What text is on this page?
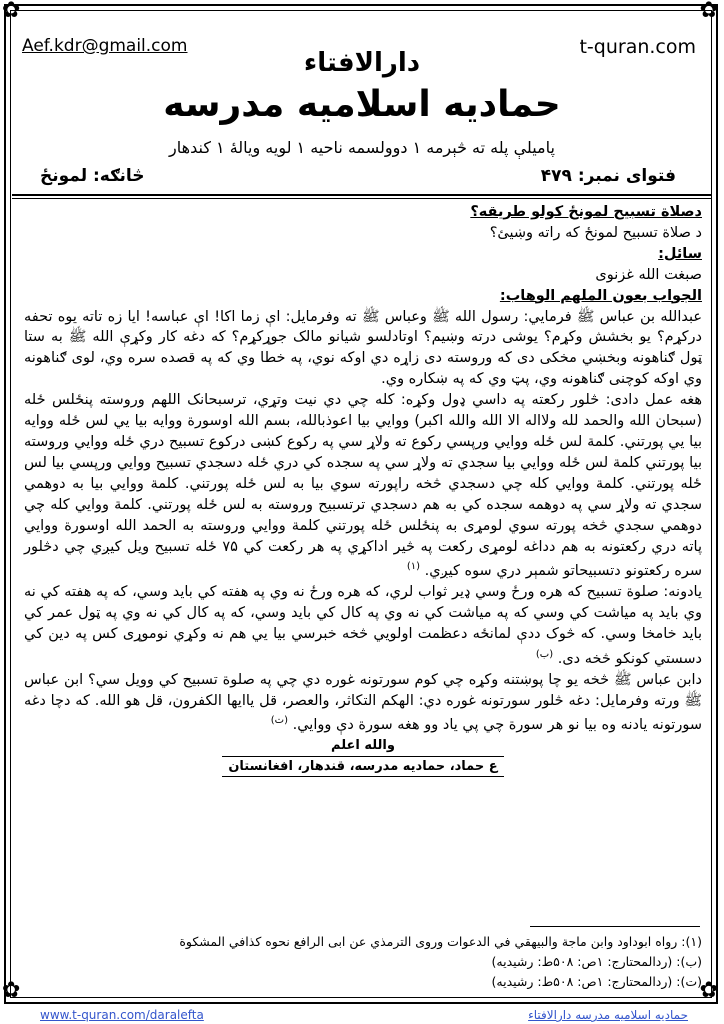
✿	✿
✿	✿
Aef.kdr@gmail.com	t-quran.com
دارالافتاء
حمادیه اسلامیه مدرسه
پاميلې پله ته څېرمه ۱ دوولسمه ناحيه ۱ لويه ويالهٔ ۱ کندهار
فتوای نمبر: ۴۷۹
څانګه: لمونځ

دصلاة تسبيح لمونځ کولو طريقه؟

د صلاة تسبيح لمونځ که راته وښيئ؟

سائل:

صبغت الله غزنوی

الجواب بعون الملهم الوهاب:

عبدالله بن عباس ﷺ فرمايي: رسول الله ﷺ وعباس ﷺ ته وفرمايل: اې زما اکا! اې عباسه! ايا زه تاته يوه تحفه درکړم؟ يو بخشش وکړم؟ يوشی درته وښيم؟ اوتادلسو شيانو مالک جوړکړم؟ که دغه کار وکړې الله ﷺ به ستا ټول ګناهونه وبخښي مخکی دی که وروسته دی زاړه دي اوکه نوي، په خطا وي که په قصده سره وي، لوی ګناهونه وي اوکه کوچنی ګناهونه وي، پټ وي که په ښکاره وي.

هغه عمل دادی: څلور رکعته په داسي ډول وکړه: کله چي دي نيت وتړي، ترسبحانک اللهم وروسته پنځلس ځله (سبحان الله والحمد لله ولااله الا الله والله اکبر) ووايي بيا اعوذبالله، بسم الله اوسورة ووايه بيا يي لس ځله ووايه بيا يي پورتني. کلمة لس ځله ووايي ورپسي رکوع ته ولاړ سي په رکوع کښی درکوع تسبيح دري ځله ووايي وروسته بيا پورتني کلمة لس ځله ووايي بيا سجدي ته ولاړ سي په سجده کي دري ځله دسجدي تسبيح ووايي ورپسي بيا لس ځله پورتني. کلمة ووايي کله چي دسجدي څخه راپورته سوي بيا به لس ځله پورتني. کلمة ووايي بيا به دوهمي سجدي ته ولاړ سي په دوهمه سجده کي به هم دسجدي ترتسبيح وروسته به لس ځله پورتني. کلمة ووايي کله چي دوهمي سجدي څخه پورته سوي لومړی به پنځلس ځله پورتني کلمة ووايي وروسته به الحمد الله اوسورة ووايي پاته دري رکعتونه به هم دداغه لومړی رکعت په څير اداکړي په هر رکعت کي ۷۵ ځله تسبيح ويل کيږي چي دڅلور سره رکعتونو دتسبيحاتو شمېر دري سوه کيږي. $^{(۱)}$

يادونه: صلوة تسبيح که هره ورځ وسي ډير ثواب لري، که هره ورځ نه وي په هفته کي بايد وسي، که په هفته کي نه وي بايد په مياشت کي وسي که په مياشت کي نه وي په کال کي بايد وسي، که په کال کي نه وي په ټول عمر کي بايد خامخا وسي. که څوک ددې لمانځه دعظمت اولويي څخه خبرسي بيا يي هم نه وکړي نوموړی کس په دين کي دسستي کونکو څخه دی. $^{(ب)}$

دابن عباس ﷺ څخه يو چا پوښتنه وکړه چي کوم سورتونه غوره دي چي په صلوة تسبيح کي وويل سي؟ ابن عباس ﷺ ورته وفرمايل: دغه څلور سورتونه غوره دي: الهکم التکاثر، والعصر، قل ياايها الکفرون، قل هو الله. که دچا دغه سورتونه يادنه وه بيا نو هر سورة چي پي ياد وو هغه سورة دې ووايي. $^{(ت)}$

والله اعلم

ع حماد، حماديه مدرسه، قندهار، افغانستان

(۱): رواه ابوداود وابن ماجة والبيهقي في الدعوات وروی الترمذي عن ابی الرافع نحوه کذافي المشکوة

(ب): (ردالمحتارج: ۱ص: ۵۰۸ط: رشيديه)

(ت): (ردالمحتارج: ۱ص: ۵۰۸ط: رشيديه)

www.t-quran.com/daralefta	حمادیه اسلامیه مدرسه دارالافتاء
